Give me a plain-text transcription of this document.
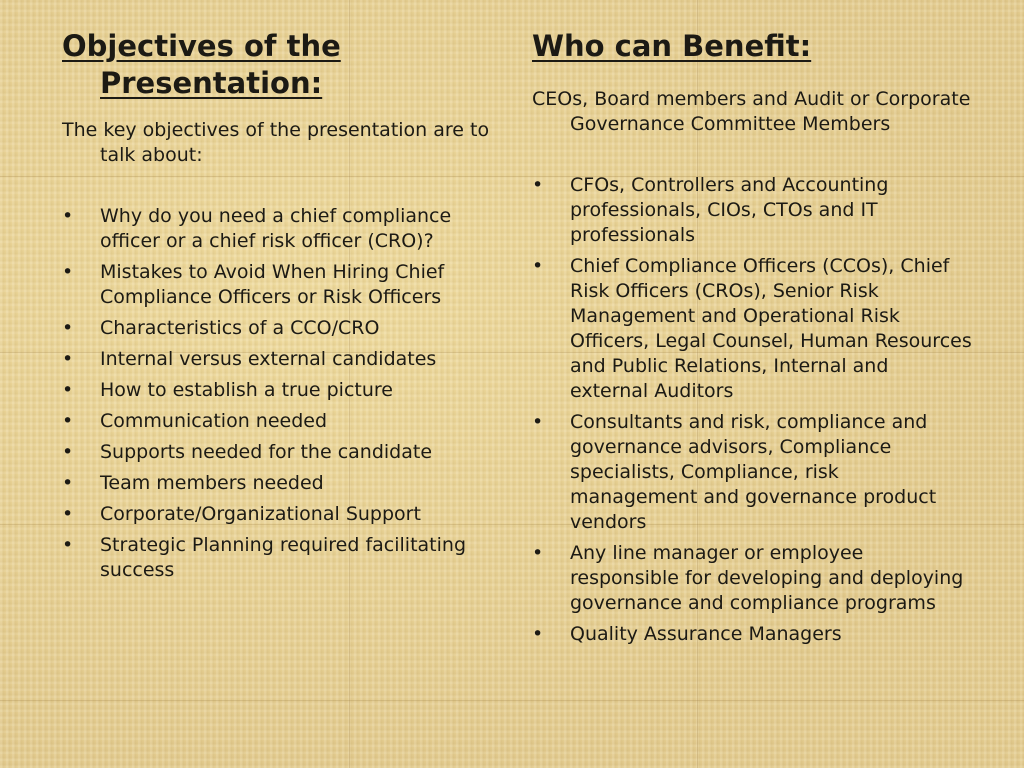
Objectives of the Presentation:

The key objectives of the presentation are to talk about:

•	Why do you need a chief compliance officer or a chief risk officer (CRO)?
•	Mistakes to Avoid When Hiring Chief Compliance Officers or Risk Officers
•	Characteristics of a CCO/CRO
•	Internal versus external candidates
•	How to establish a true picture
•	Communication needed
•	Supports needed for the candidate
•	Team members needed
•	Corporate/Organizational Support
•	Strategic Planning required facilitating success
Who can Benefit:

CEOs, Board members and Audit or Corporate Governance Committee Members

•	CFOs, Controllers and Accounting professionals, CIOs, CTOs and IT professionals
•	Chief Compliance Officers (CCOs), Chief Risk Officers (CROs), Senior Risk Management and Operational Risk Officers, Legal Counsel, Human Resources and Public Relations, Internal and external Auditors
•	Consultants and risk, compliance and governance advisors, Compliance specialists, Compliance, risk management and governance product vendors
•	Any line manager or employee responsible for developing and deploying governance and compliance programs
•	Quality Assurance Managers
